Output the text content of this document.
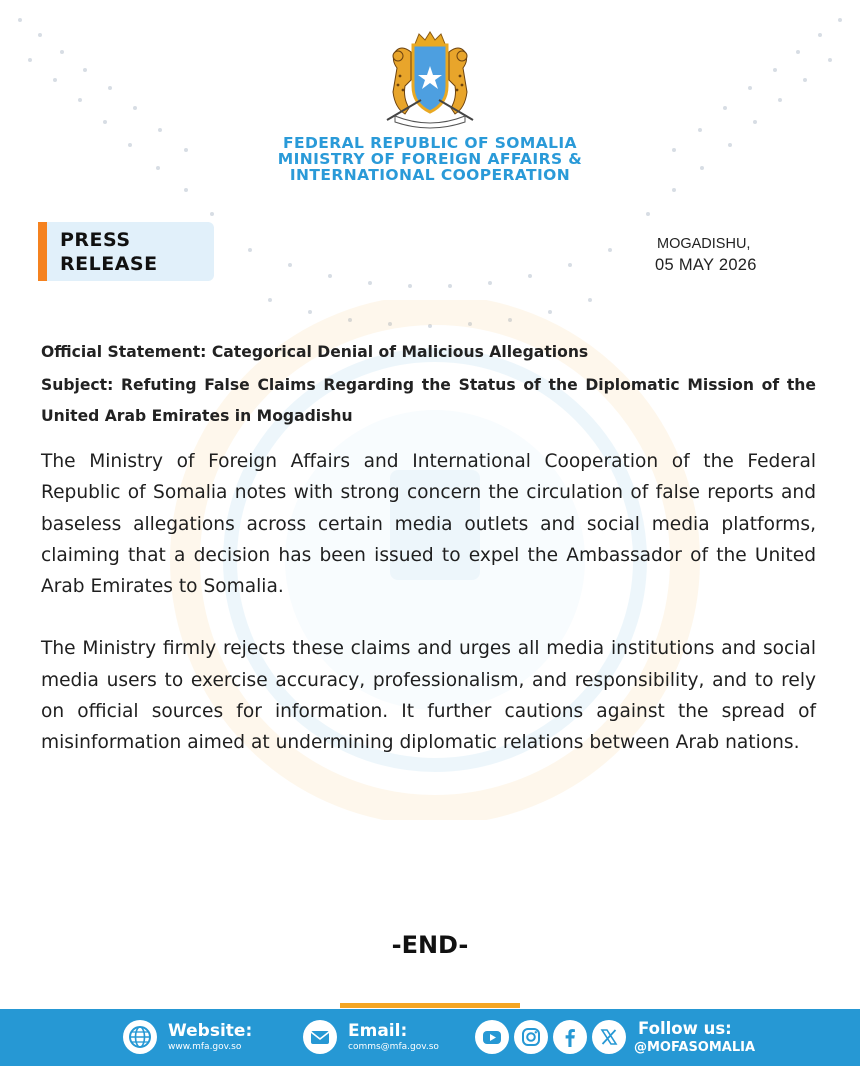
FEDERAL REPUBLIC OF SOMALIA
MINISTRY OF FOREIGN AFFAIRS &
INTERNATIONAL COOPERATION
PRESS
RELEASE
MOGADISHU,
05 MAY 2026
Official Statement: Categorical Denial of Malicious Allegations
Subject: Refuting False Claims Regarding the Status of the Diplomatic Mission of the United Arab Emirates in Mogadishu

The Ministry of Foreign Affairs and International Cooperation of the Federal Republic of Somalia notes with strong concern the circulation of false reports and baseless allegations across certain media outlets and social media platforms, claiming that a decision has been issued to expel the Ambassador of the United Arab Emirates to Somalia.

The Ministry firmly rejects these claims and urges all media institutions and social media users to exercise accuracy, professionalism, and responsibility, and to rely on official sources for information. It further cautions against the spread of misinformation aimed at undermining diplomatic relations between Arab nations.

-END-
Website:
www.mfa.gov.so
Email:
comms@mfa.gov.so
Follow us:
@MOFASOMALIA
